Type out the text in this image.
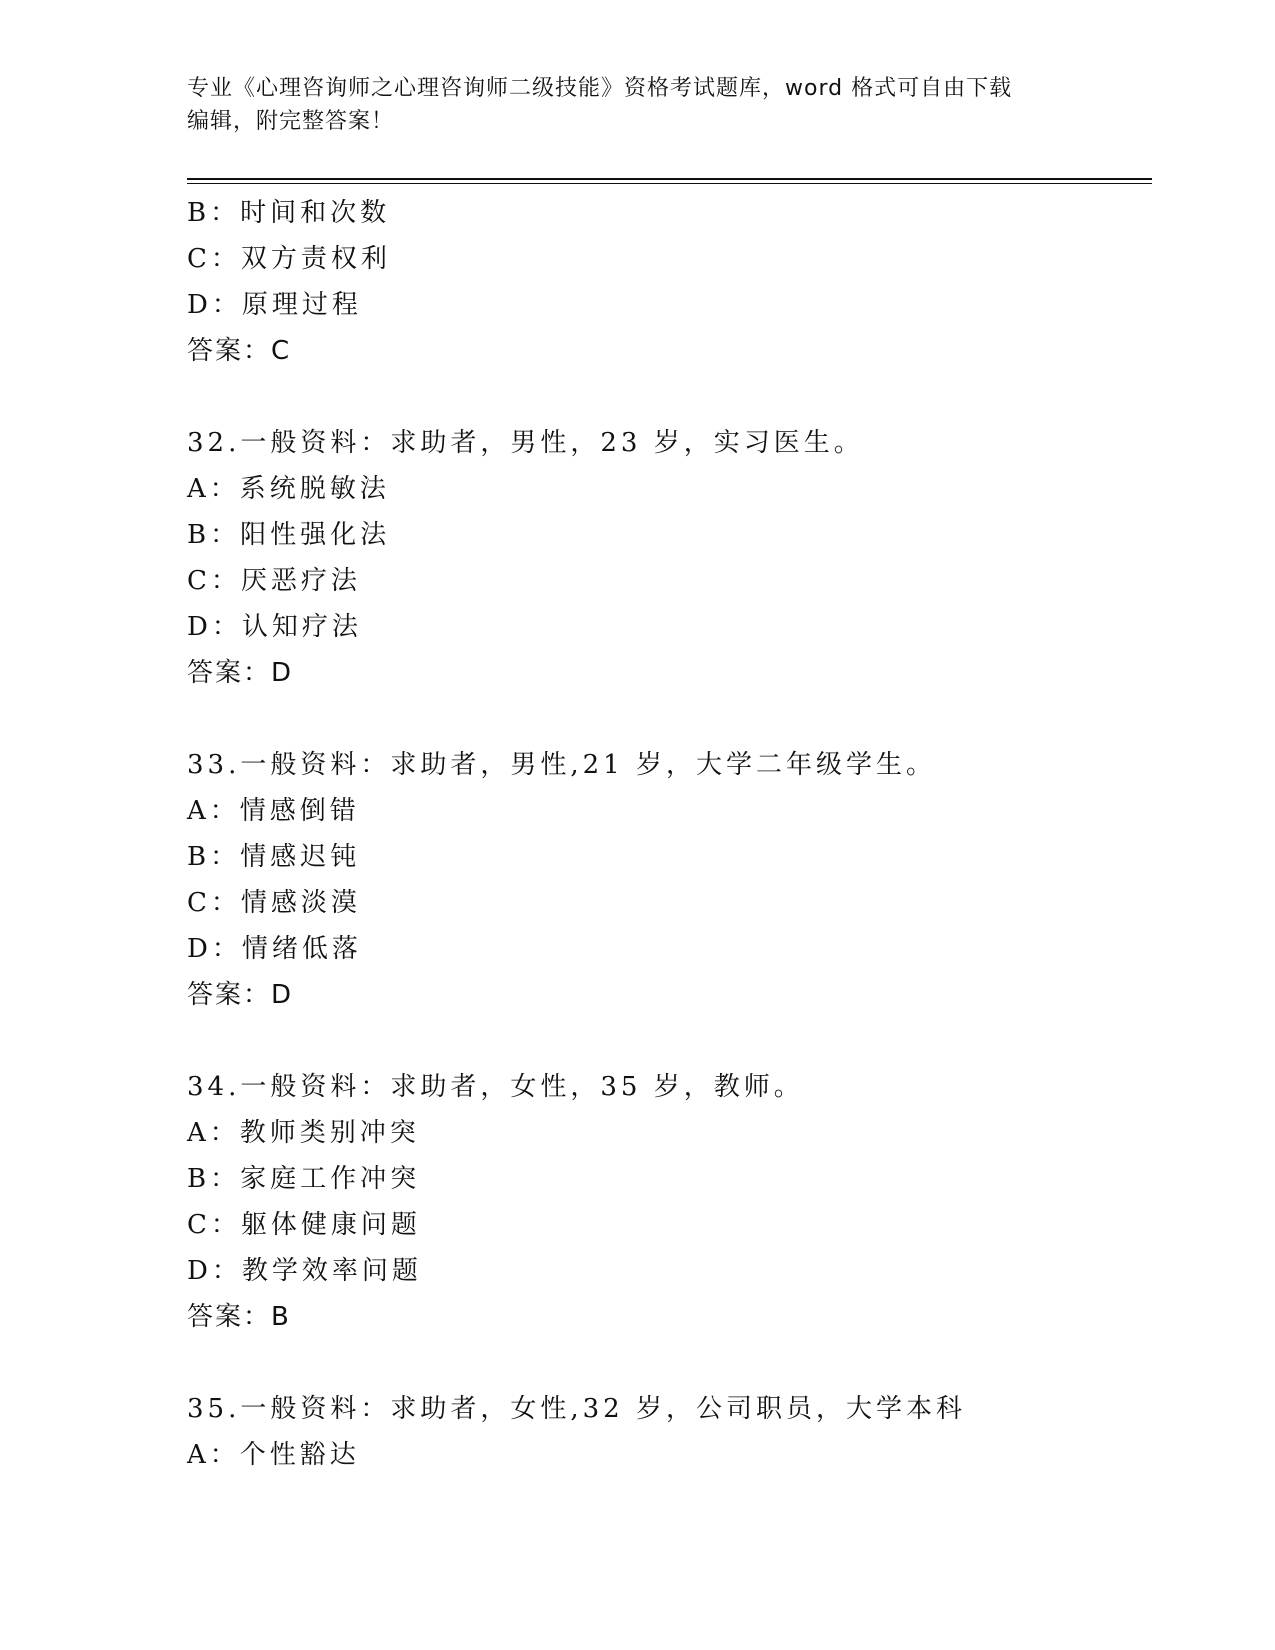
专业《心理咨询师之心理咨询师二级技能》资格考试题库，word 格式可自由下载
编辑，附完整答案！
B：时间和次数
C：双方责权利
D：原理过程
答案：C
32.一般资料：求助者，男性，23 岁，实习医生。
A：系统脱敏法
B：阳性强化法
C：厌恶疗法
D：认知疗法
答案：D
33.一般资料：求助者，男性,21 岁，大学二年级学生。
A：情感倒错
B：情感迟钝
C：情感淡漠
D：情绪低落
答案：D
34.一般资料：求助者，女性，35 岁，教师。
A：教师类别冲突
B：家庭工作冲突
C：躯体健康问题
D：教学效率问题
答案：B
35.一般资料：求助者，女性,32 岁，公司职员，大学本科
A：个性豁达
